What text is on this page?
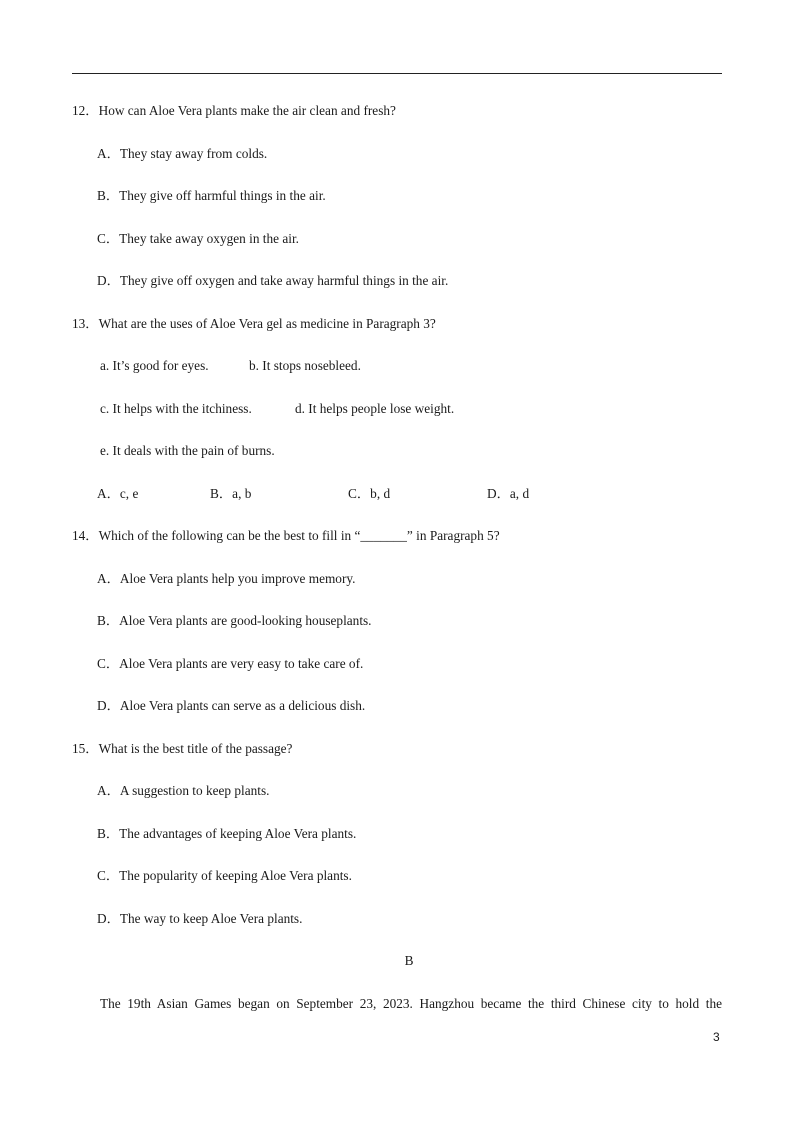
12．How can Aloe Vera plants make the air clean and fresh?
A．They stay away from colds.
B．They give off harmful things in the air.
C．They take away oxygen in the air.
D．They give off oxygen and take away harmful things in the air.
13．What are the uses of Aloe Vera gel as medicine in Paragraph 3?
a. It’s good for eyes.	b. It stops nosebleed.
c. It helps with the itchiness.	d. It helps people lose weight.
e. It deals with the pain of burns.
A．c, e	B．a, b	C．b, d	D．a, d
14．Which of the following can be the best to fill in “_______” in Paragraph 5?
A．Aloe Vera plants help you improve memory.
B．Aloe Vera plants are good-looking houseplants.
C．Aloe Vera plants are very easy to take care of.
D．Aloe Vera plants can serve as a delicious dish.
15．What is the best title of the passage?
A．A suggestion to keep plants.
B．The advantages of keeping Aloe Vera plants.
C．The popularity of keeping Aloe Vera plants.
D．The way to keep Aloe Vera plants.
B
The 19th Asian Games began on September 23, 2023. Hangzhou became the third Chinese city to hold the
3
